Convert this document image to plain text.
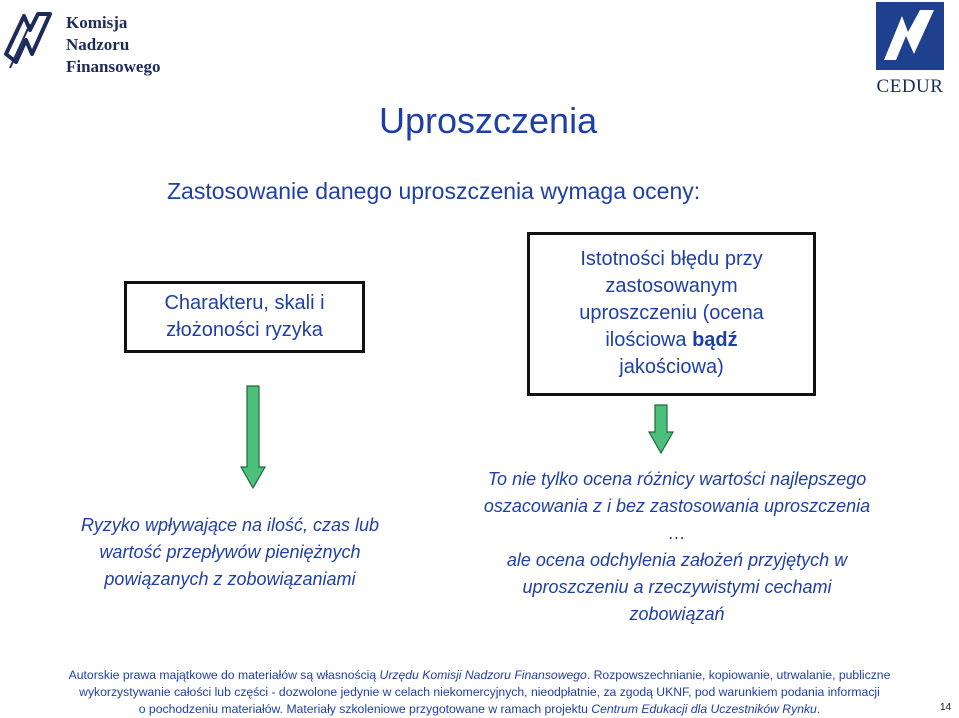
Komisja
Nadzoru
Finansowego
CEDUR
Uproszczenia
Zastosowanie danego uproszczenia wymaga oceny:
Charakteru, skali i
złożoności ryzyka
Istotności błędu przy
zastosowanym
uproszczeniu (ocena
ilościowa bądź
jakościowa)
Ryzyko wpływające na ilość, czas lub
wartość przepływów pieniężnych
powiązanych z zobowiązaniami
To nie tylko ocena różnicy wartości najlepszego
oszacowania z i bez zastosowania uproszczenia
…
ale ocena odchylenia założeń przyjętych w
uproszczeniu a rzeczywistymi cechami
zobowiązań
Autorskie prawa majątkowe do materiałów są własnością Urzędu Komisji Nadzoru Finansowego. Rozpowszechnianie, kopiowanie, utrwalanie, publiczne
wykorzystywanie całości lub części - dozwolone jedynie w celach niekomercyjnych, nieodpłatnie, za zgodą UKNF, pod warunkiem podania informacji
o pochodzeniu materiałów. Materiały szkoleniowe przygotowane w ramach projektu Centrum Edukacji dla Uczestników Rynku.	14
